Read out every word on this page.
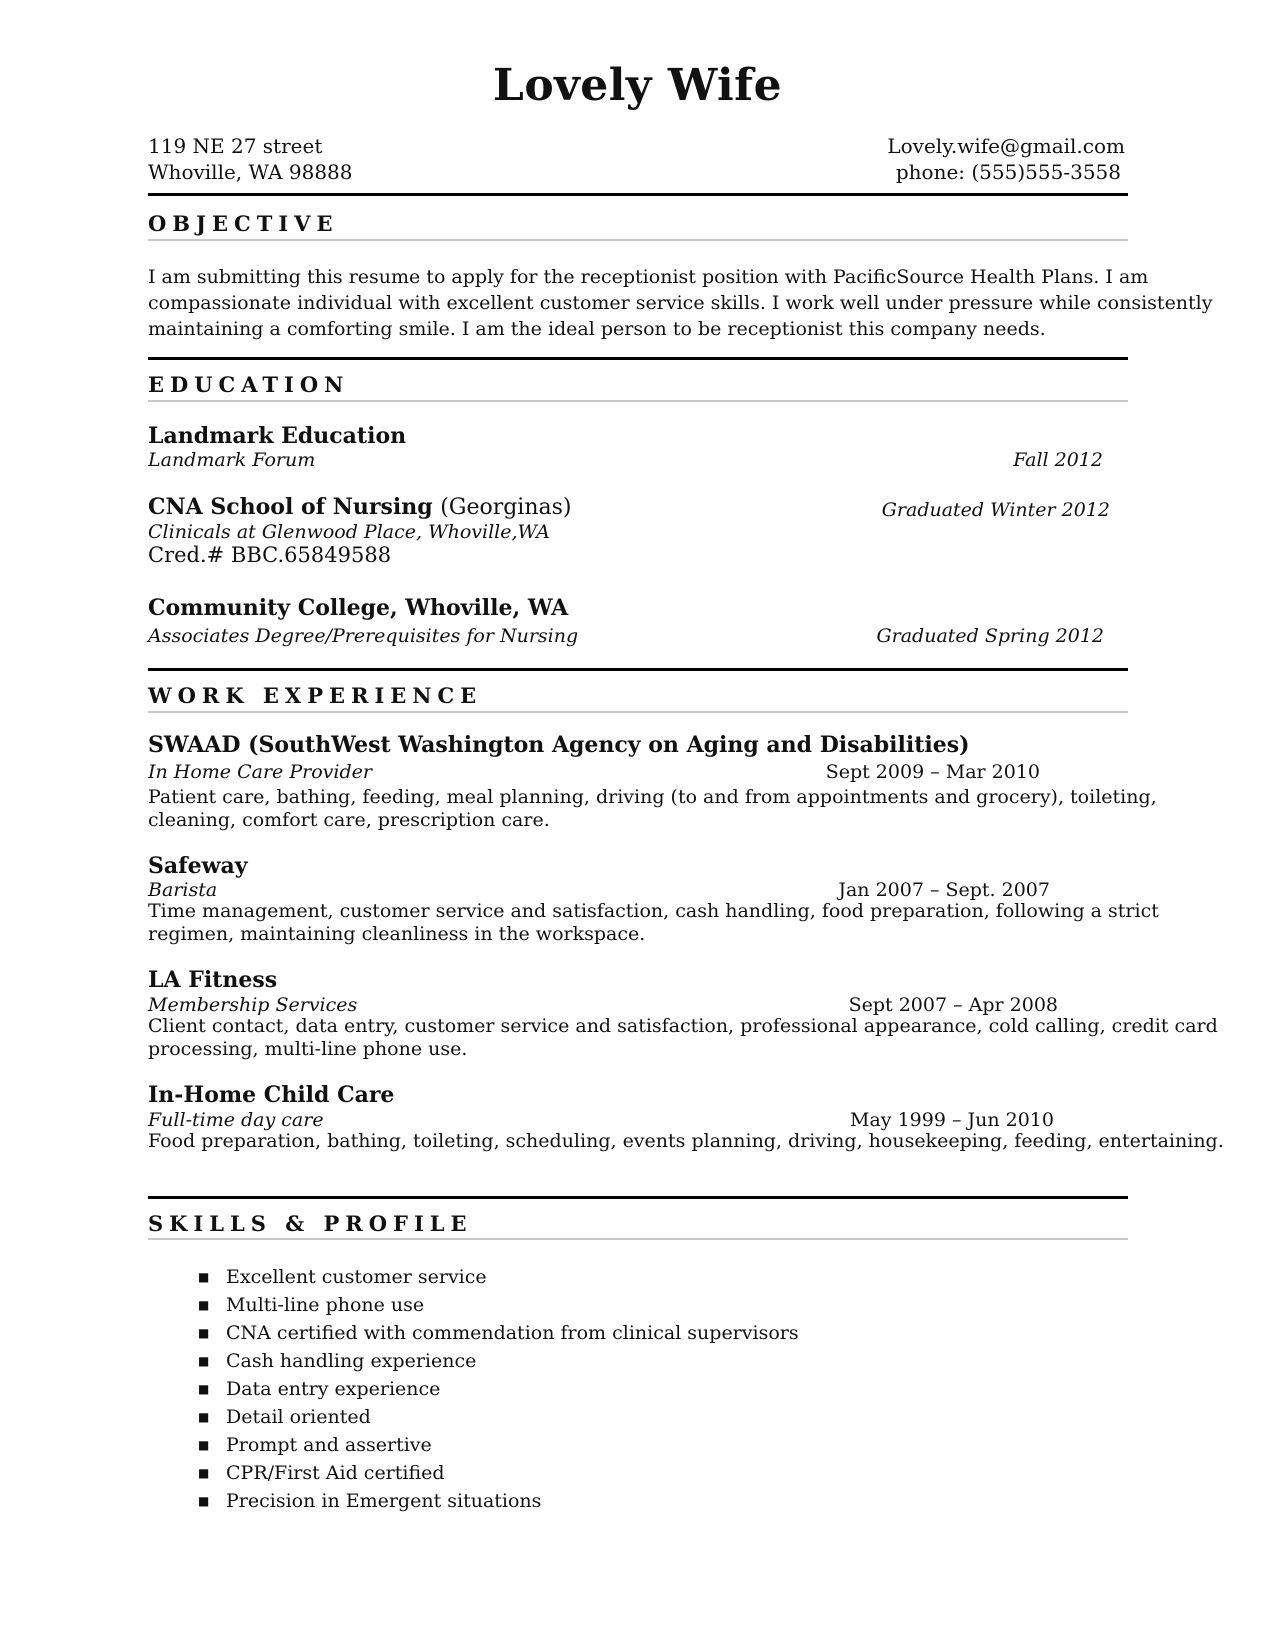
Lovely Wife
119 NE 27 street
Whoville, WA 98888
Lovely.wife@gmail.com
phone: (555)555-3558
OBJECTIVE
I am submitting this resume to apply for the receptionist position with PacificSource Health Plans. I am
compassionate individual with excellent customer service skills. I work well under pressure while consistently
maintaining a comforting smile. I am the ideal person to be receptionist this company needs.
EDUCATION
Landmark Education
Landmark Forum	Fall 2012
CNA School of Nursing (Georginas)	Graduated Winter 2012
Clinicals at Glenwood Place, Whoville,WA
Cred.# BBC.65849588
Community College, Whoville, WA
Associates Degree/Prerequisites for Nursing	Graduated Spring 2012
WORK EXPERIENCE
SWAAD (SouthWest Washington Agency on Aging and Disabilities)
In Home Care Provider	Sept 2009 – Mar 2010
Patient care, bathing, feeding, meal planning, driving (to and from appointments and grocery), toileting,
cleaning, comfort care, prescription care.
Safeway
Barista	Jan 2007 – Sept. 2007
Time management, customer service and satisfaction, cash handling, food preparation, following a strict
regimen, maintaining cleanliness in the workspace.
LA Fitness
Membership Services	Sept 2007 – Apr 2008
Client contact, data entry, customer service and satisfaction, professional appearance, cold calling, credit card
processing, multi-line phone use.
In-Home Child Care
Full-time day care	May 1999 – Jun 2010
Food preparation, bathing, toileting, scheduling, events planning, driving, housekeeping, feeding, entertaining.
SKILLS & PROFILE
■ Excellent customer service
■ Multi-line phone use
■ CNA certified with commendation from clinical supervisors
■ Cash handling experience
■ Data entry experience
■ Detail oriented
■ Prompt and assertive
■ CPR/First Aid certified
■ Precision in Emergent situations
